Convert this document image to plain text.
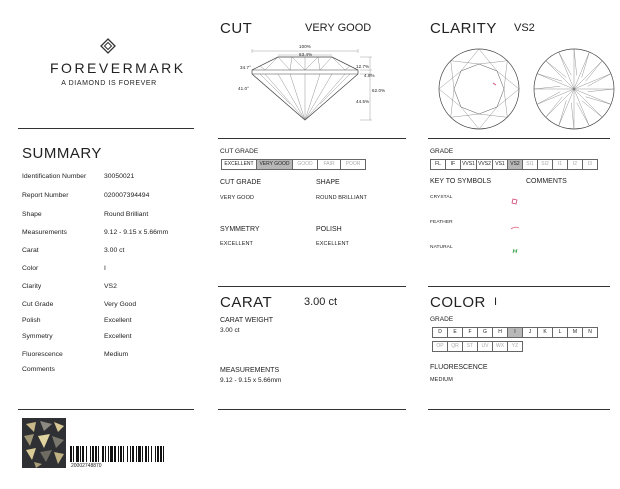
FOREVERMARK
A DIAMOND IS FOREVER
SUMMARY
Identification Number	30050021
Report Number	020007394494
Shape	Round Brilliant
Measurements	9.12 - 9.15 x 5.66mm
Carat	3.00 ct
Color	I
Clarity	VS2
Cut Grade	Very Good
Polish	Excellent
Symmetry	Excellent
Fluorescence	Medium
Comments
20002748870
CUT	VERY GOOD
100%
53.4%
34.7°	12.7%
4.8%
62.0%
41.0°
44.5%
CUT GRADE
EXCELLENT	VERY GOOD	GOOD	FAIR	POOR
CUT GRADE
VERY GOOD
SHAPE
ROUND BRILLIANT
SYMMETRY
EXCELLENT
POLISH
EXCELLENT
CARAT	3.00 ct
CARAT WEIGHT
3.00 ct
MEASUREMENTS
9.12 - 9.15 x 5.66mm
CLARITY VS2
GRADE
FL	IF	VVS1 VVS2 VS1	VS2	SI1	SI2	I1	I2	I3
KEY TO SYMBOLS	COMMENTS
CRYSTAL
FEATHER
NATURAL
COLOR I
GRADE
D	E	F	G	H	I	J	K	L	M	N
OP	QR	ST	UV	WX	YZ
FLUORESCENCE
MEDIUM
